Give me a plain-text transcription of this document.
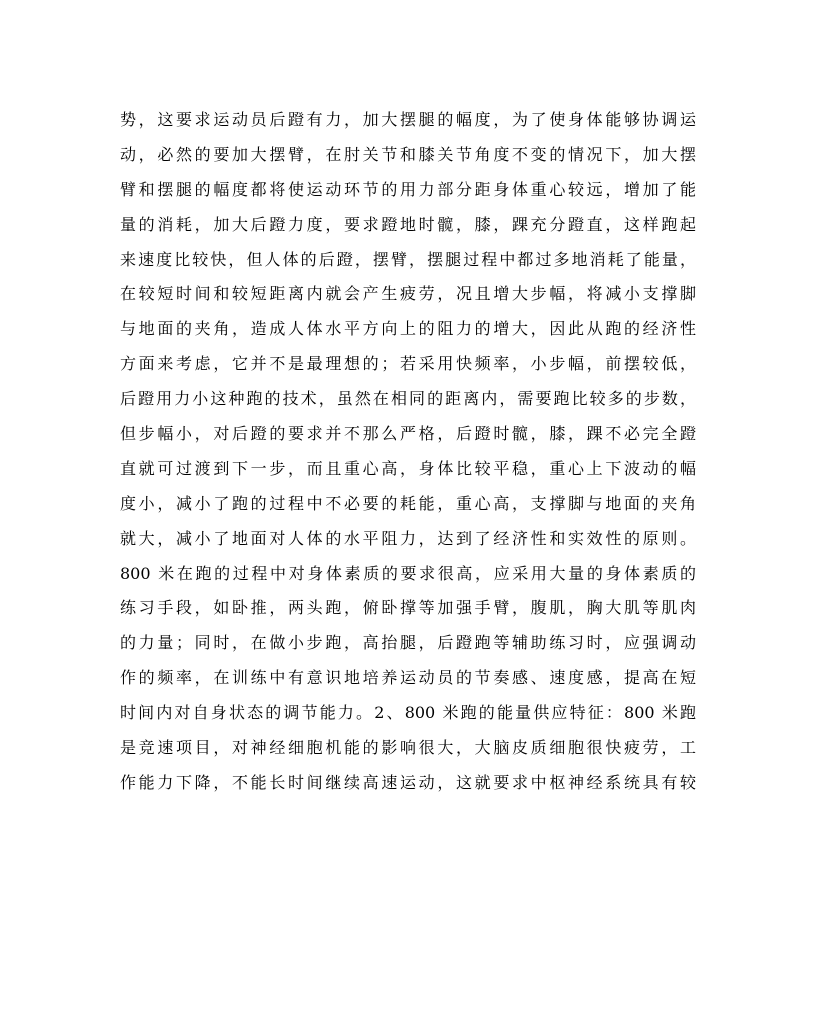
势，这要求运动员后蹬有力，加大摆腿的幅度，为了使身体能够协调运
动，必然的要加大摆臂，在肘关节和膝关节角度不变的情况下，加大摆
臂和摆腿的幅度都将使运动环节的用力部分距身体重心较远，增加了能
量的消耗，加大后蹬力度，要求蹬地时髋，膝，踝充分蹬直，这样跑起
来速度比较快，但人体的后蹬，摆臂，摆腿过程中都过多地消耗了能量，
在较短时间和较短距离内就会产生疲劳，况且增大步幅，将减小支撑脚
与地面的夹角，造成人体水平方向上的阻力的增大，因此从跑的经济性
方面来考虑，它并不是最理想的；若采用快频率，小步幅，前摆较低，
后蹬用力小这种跑的技术，虽然在相同的距离内，需要跑比较多的步数，
但步幅小，对后蹬的要求并不那么严格，后蹬时髋，膝，踝不必完全蹬
直就可过渡到下一步，而且重心高，身体比较平稳，重心上下波动的幅
度小，减小了跑的过程中不必要的耗能，重心高，支撑脚与地面的夹角
就大，减小了地面对人体的水平阻力，达到了经济性和实效性的原则。
800 米在跑的过程中对身体素质的要求很高，应采用大量的身体素质的
练习手段，如卧推，两头跑，俯卧撑等加强手臂，腹肌，胸大肌等肌肉
的力量；同时，在做小步跑，高抬腿，后蹬跑等辅助练习时，应强调动
作的频率，在训练中有意识地培养运动员的节奏感、速度感，提高在短
时间内对自身状态的调节能力。2、800 米跑的能量供应特征：800 米跑
是竞速项目，对神经细胞机能的影响很大，大脑皮质细胞很快疲劳，工
作能力下降，不能长时间继续高速运动，这就要求中枢神经系统具有较
